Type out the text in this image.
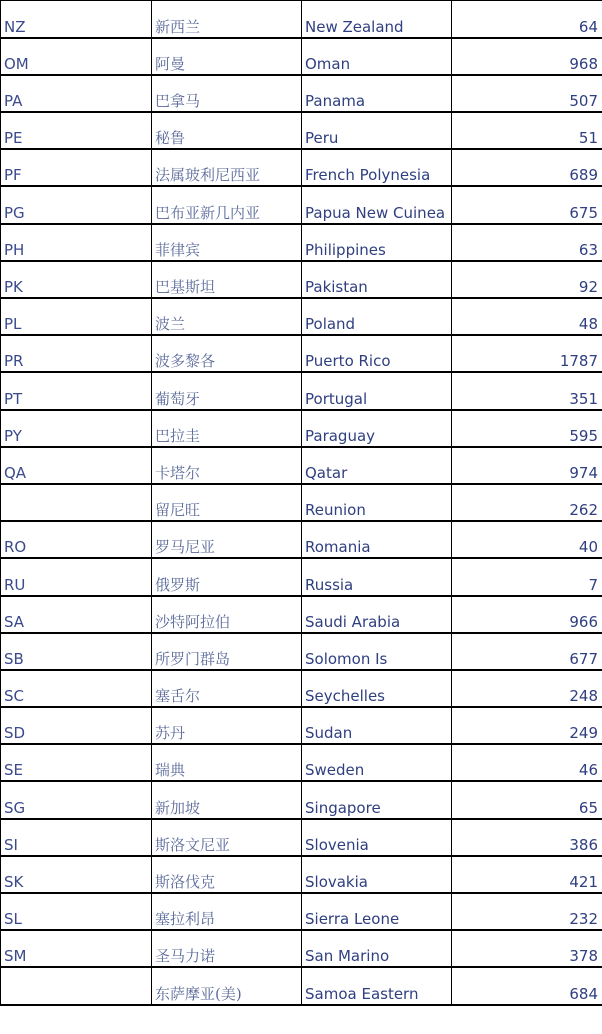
NZ	新西兰	New Zealand	64
OM	阿曼	Oman	968
PA	巴拿马	Panama	507
PE	秘鲁	Peru	51
PF	法属玻利尼西亚	French Polynesia	689
PG	巴布亚新几内亚	Papua New Cuinea	675
PH	菲律宾	Philippines	63
PK	巴基斯坦	Pakistan	92
PL	波兰	Poland	48
PR	波多黎各	Puerto Rico	1787
PT	葡萄牙	Portugal	351
PY	巴拉圭	Paraguay	595
QA	卡塔尔	Qatar	974
	留尼旺	Reunion	262
RO	罗马尼亚	Romania	40
RU	俄罗斯	Russia	7
SA	沙特阿拉伯	Saudi Arabia	966
SB	所罗门群岛	Solomon Is	677
SC	塞舌尔	Seychelles	248
SD	苏丹	Sudan	249
SE	瑞典	Sweden	46
SG	新加坡	Singapore	65
SI	斯洛文尼亚	Slovenia	386
SK	斯洛伐克	Slovakia	421
SL	塞拉利昂	Sierra Leone	232
SM	圣马力诺	San Marino	378
	东萨摩亚(美)	Samoa Eastern	684
